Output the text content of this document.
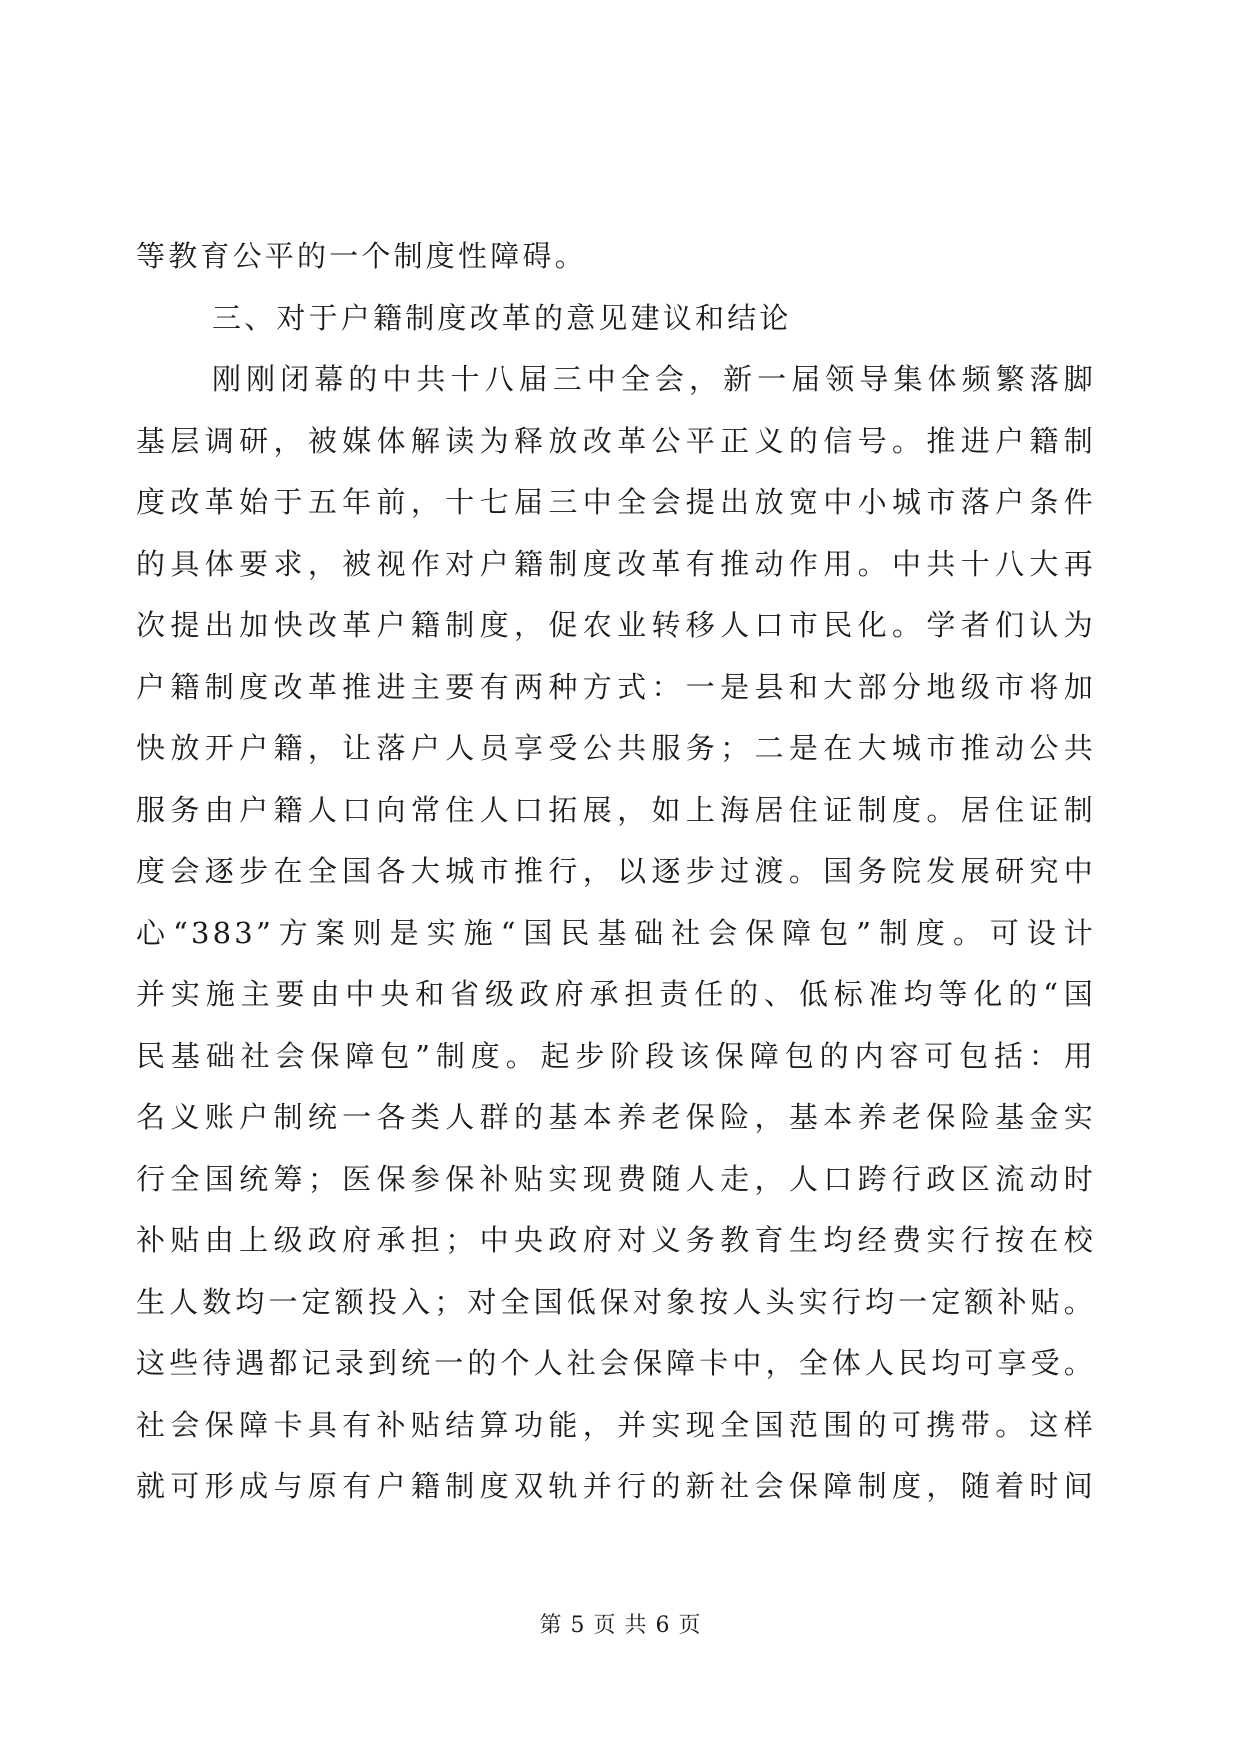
等教育公平的一个制度性障碍。
三、对于户籍制度改革的意见建议和结论
刚刚闭幕的中共十八届三中全会，新一届领导集体频繁落脚
基层调研，被媒体解读为释放改革公平正义的信号。推进户籍制
度改革始于五年前，十七届三中全会提出放宽中小城市落户条件
的具体要求，被视作对户籍制度改革有推动作用。中共十八大再
次提出加快改革户籍制度，促农业转移人口市民化。学者们认为
户籍制度改革推进主要有两种方式：一是县和大部分地级市将加
快放开户籍，让落户人员享受公共服务；二是在大城市推动公共
服务由户籍人口向常住人口拓展，如上海居住证制度。居住证制
度会逐步在全国各大城市推行，以逐步过渡。国务院发展研究中
心“383”方案则是实施“国民基础社会保障包”制度。可设计
并实施主要由中央和省级政府承担责任的、低标准均等化的“国
民基础社会保障包”制度。起步阶段该保障包的内容可包括：用
名义账户制统一各类人群的基本养老保险，基本养老保险基金实
行全国统筹；医保参保补贴实现费随人走，人口跨行政区流动时
补贴由上级政府承担；中央政府对义务教育生均经费实行按在校
生人数均一定额投入；对全国低保对象按人头实行均一定额补贴。
这些待遇都记录到统一的个人社会保障卡中，全体人民均可享受。
社会保障卡具有补贴结算功能，并实现全国范围的可携带。这样
就可形成与原有户籍制度双轨并行的新社会保障制度，随着时间
第 5 页 共 6 页
